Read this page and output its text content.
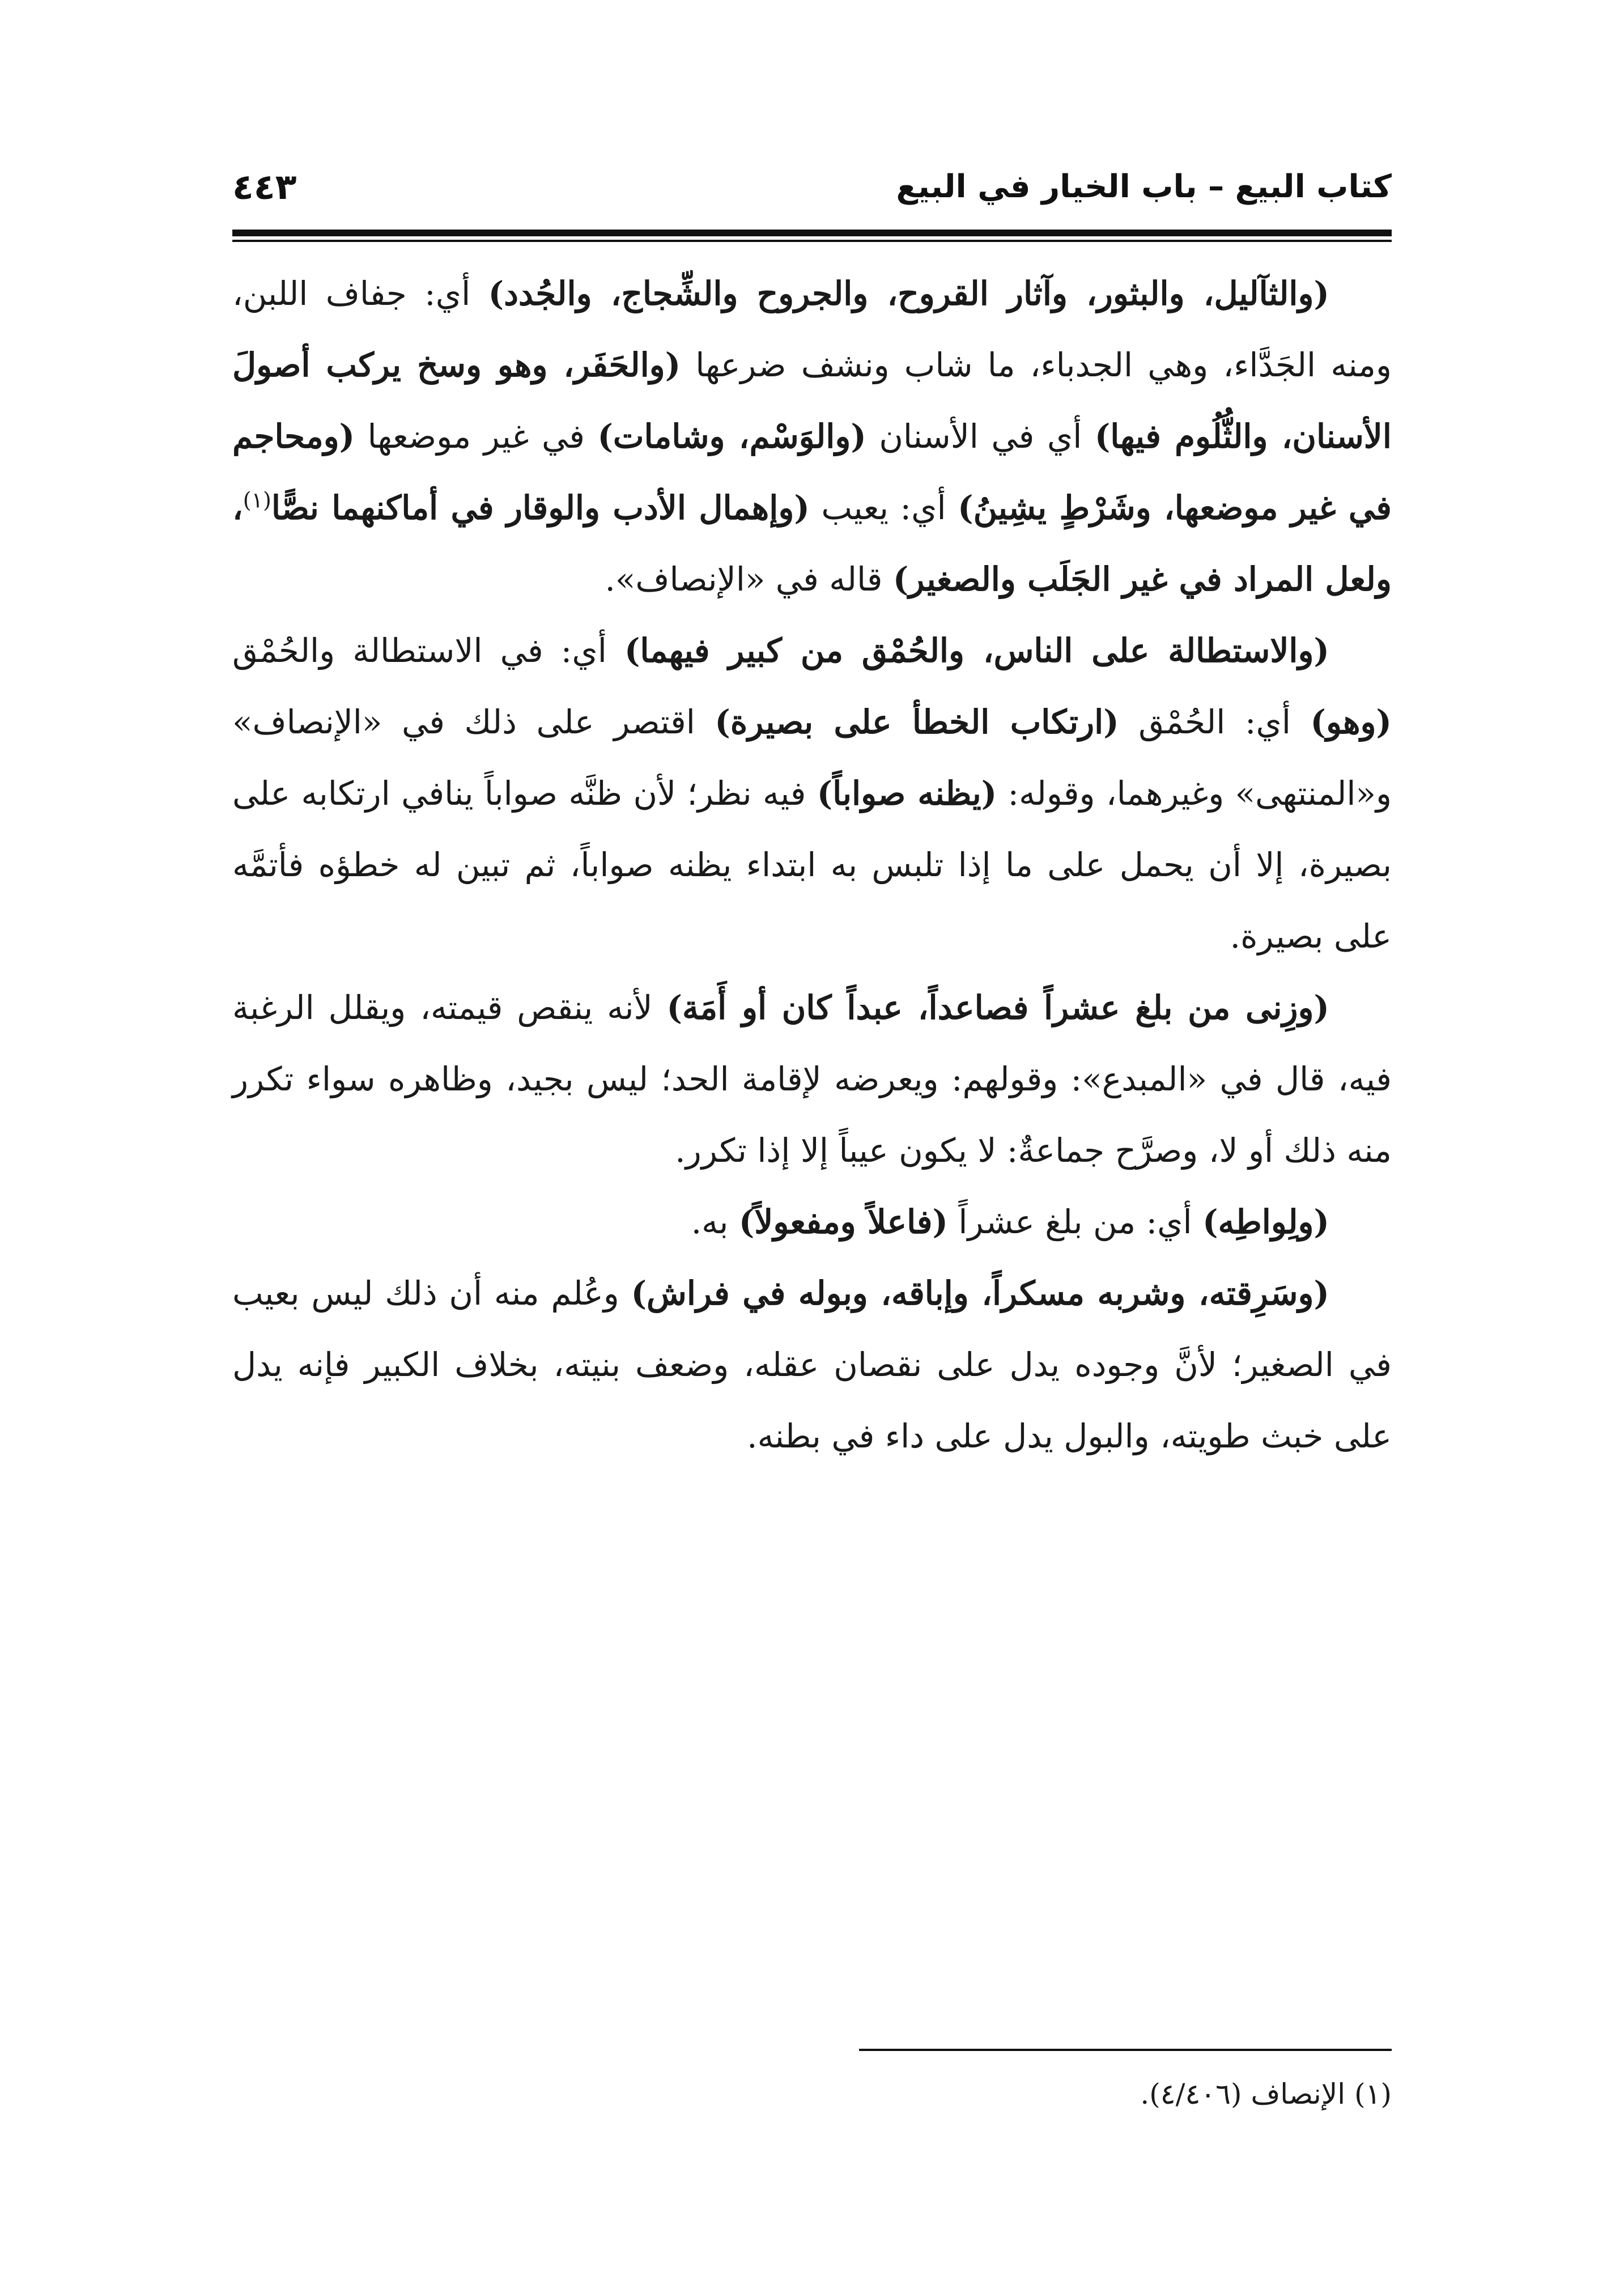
كتاب البيع – باب الخيار في البيع
٤٤٣

(والثآليل، والبثور، وآثار القروح، والجروح والشِّجاج، والجُدد) أي: جفاف اللبن، ومنه الجَدَّاء، وهي الجدباء، ما شاب ونشف ضرعها (والحَفَر، وهو وسخ يركب أصولَ الأسنان، والثُّلُوم فيها) أي في الأسنان (والوَسْم، وشامات) في غير موضعها (ومحاجم في غير موضعها، وشَرْطٍ يشِينُ) أي: يعيب (وإهمال الأدب والوقار في أماكنهما نصًّا$^{(١)}$، ولعل المراد في غير الجَلَب والصغير) قاله في «الإنصاف».

(والاستطالة على الناس، والحُمْق من كبير فيهما) أي: في الاستطالة والحُمْق (وهو) أي: الحُمْق (ارتكاب الخطأ على بصيرة) اقتصر على ذلك في «الإنصاف» و«المنتهى» وغيرهما، وقوله: (يظنه صواباً) فيه نظر؛ لأن ظنَّه صواباً ينافي ارتكابه على بصيرة، إلا أن يحمل على ما إذا تلبس به ابتداء يظنه صواباً، ثم تبين له خطؤه فأتمَّه على بصيرة.

(وزِنى من بلغ عشراً فصاعداً، عبداً كان أو أَمَة) لأنه ينقص قيمته، ويقلل الرغبة فيه، قال في «المبدع»: وقولهم: ويعرضه لإقامة الحد؛ ليس بجيد، وظاهره سواء تكرر منه ذلك أو لا، وصرَّح جماعةٌ: لا يكون عيباً إلا إذا تكرر.

(ولِواطِه) أي: من بلغ عشراً (فاعلاً ومفعولاً) به.

(وسَرِقته، وشربه مسكراً، وإباقه، وبوله في فراش) وعُلم منه أن ذلك ليس بعيب في الصغير؛ لأنَّ وجوده يدل على نقصان عقله، وضعف بنيته، بخلاف الكبير فإنه يدل على خبث طويته، والبول يدل على داء في بطنه.

(١) الإنصاف (٤/٤٠٦).
